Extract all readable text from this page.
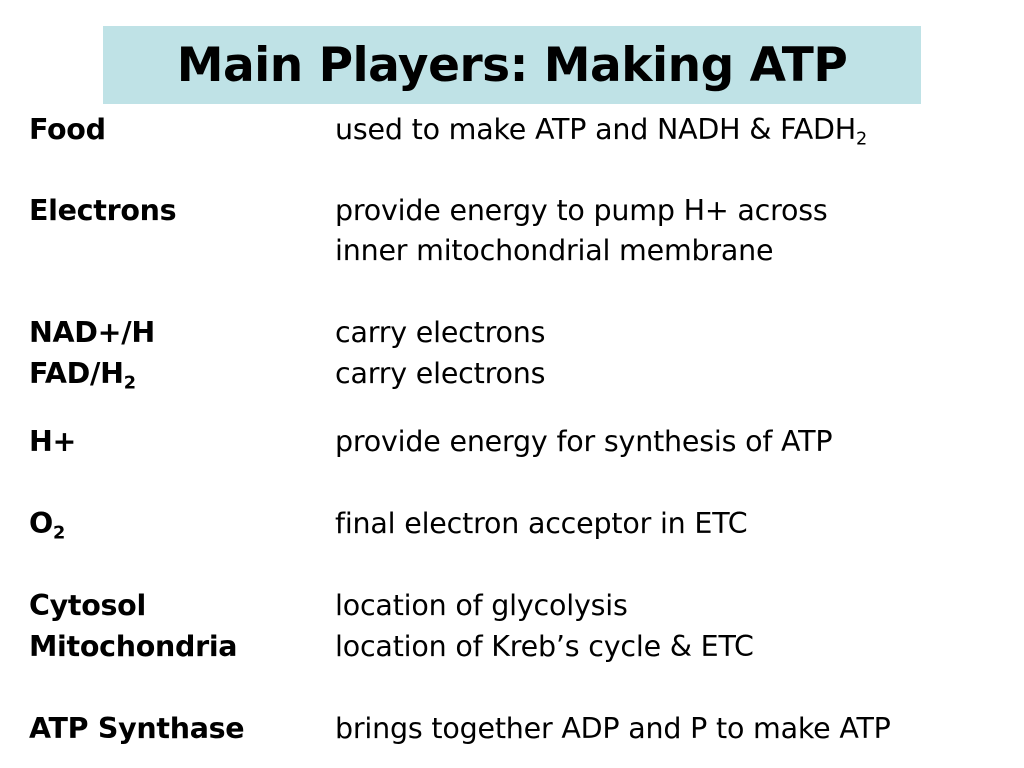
Main Players: Making ATP
Food	used to make ATP and NADH & $FADH_2$
Electrons	provide energy to pump H+ across
inner mitochondrial membrane
NAD+/H	carry electrons
FAD/$H_2$	carry electrons
H+	provide energy for synthesis of ATP
$O_2$	final electron acceptor in ETC
Cytosol	location of glycolysis
Mitochondria	location of Kreb’s cycle & ETC
ATP Synthase	brings together ADP and P to make ATP
